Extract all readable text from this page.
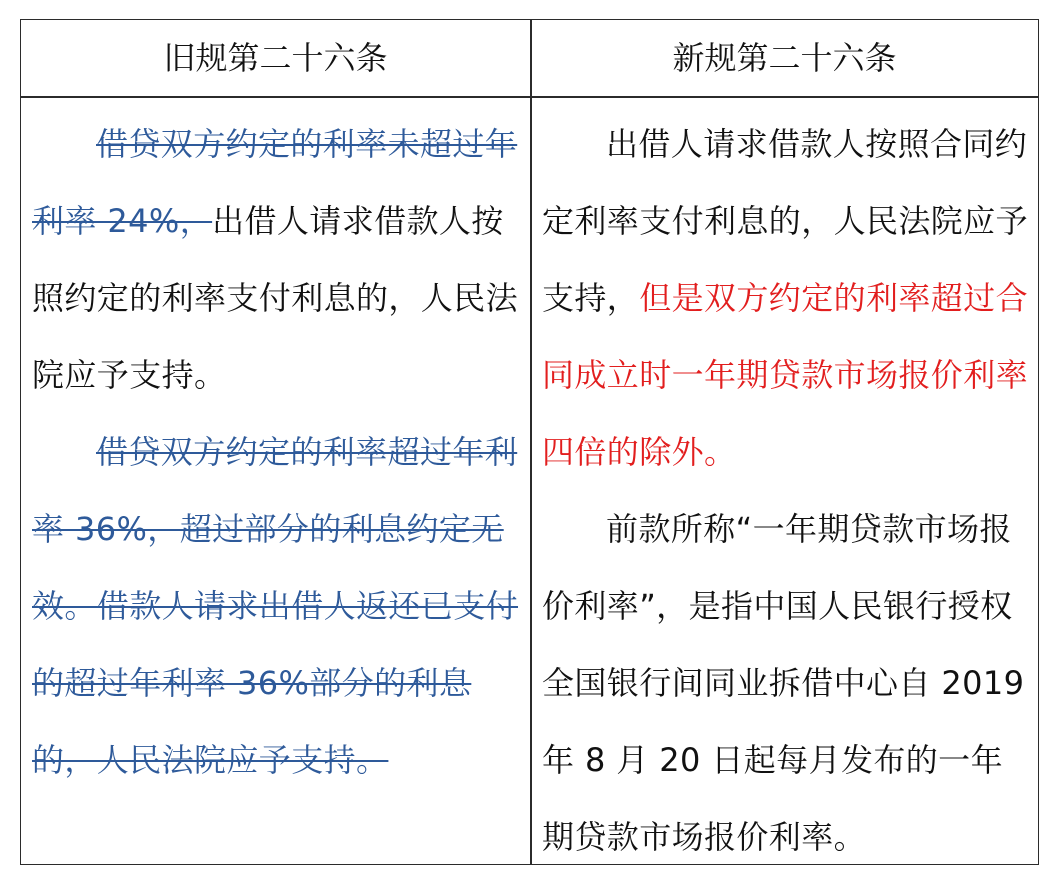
旧规第二十六条	新规第二十六条

借贷双方约定的利率未超过年利率 24%，出借人请求借款人按照约定的利率支付利息的，人民法院应予支持。

借贷双方约定的利率超过年利率 36%，超过部分的利息约定无效。借款人请求出借人返还已支付的超过年利率 36%部分的利息的，人民法院应予支持。

出借人请求借款人按照合同约定利率支付利息的，人民法院应予支持，但是双方约定的利率超过合同成立时一年期贷款市场报价利率四倍的除外。

前款所称“一年期贷款市场报价利率”，是指中国人民银行授权全国银行间同业拆借中心自 2019 年 8 月 20 日起每月发布的一年期贷款市场报价利率。
